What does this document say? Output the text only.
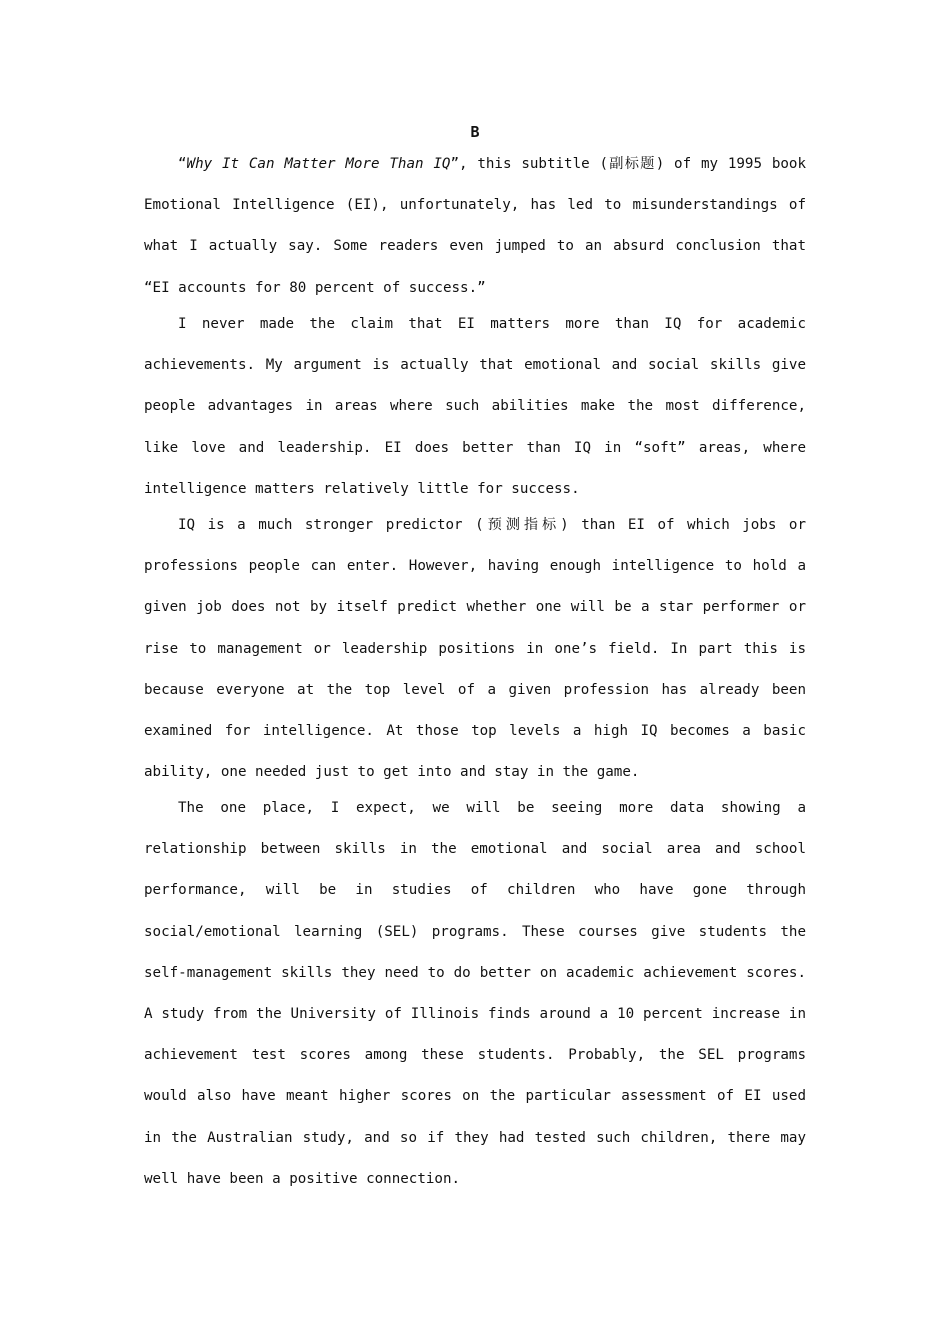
B

“Why It Can Matter More Than IQ”, this subtitle (副标题) of my 1995 book Emotional Intelligence (EI), unfortunately, has led to misunderstandings of what I actually say. Some readers even jumped to an absurd conclusion that “EI accounts for 80 percent of success.”

I never made the claim that EI matters more than IQ for academic achievements. My argument is actually that emotional and social skills give people advantages in areas where such abilities make the most difference, like love and leadership. EI does better than IQ in “soft” areas, where intelligence matters relatively little for success.

IQ is a much stronger predictor (预测指标) than EI of which jobs or professions people can enter. However, having enough intelligence to hold a given job does not by itself predict whether one will be a star performer or rise to management or leadership positions in one’s field. In part this is because everyone at the top level of a given profession has already been examined for intelligence. At those top levels a high IQ becomes a basic ability, one needed just to get into and stay in the game.

The one place, I expect, we will be seeing more data showing a relationship between skills in the emotional and social area and school performance, will be in studies of children who have gone through social/emotional learning (SEL) programs. These courses give students the self-management skills they need to do better on academic achievement scores. A study from the University of Illinois finds around a 10 percent increase in achievement test scores among these students. Probably, the SEL programs would also have meant higher scores on the particular assessment of EI used in the Australian study, and so if they had tested such children, there may well have been a positive connection.
